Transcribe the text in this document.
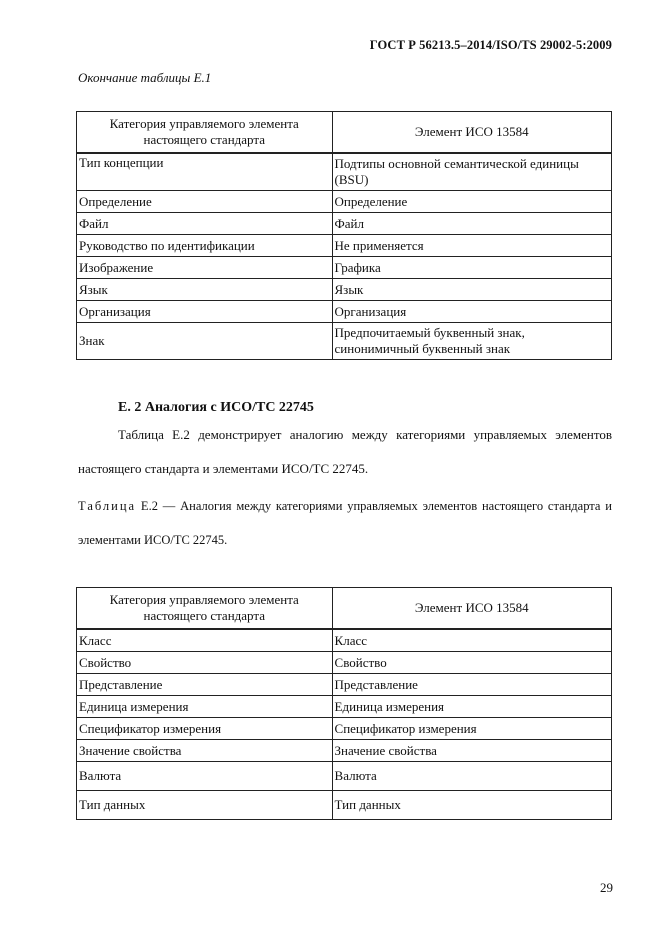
ГОСТ Р 56213.5–2014/ISO/TS 29002-5:2009
Окончание таблицы Е.1
Категория управляемого элемента настоящего стандарта	Элемент ИСО 13584
Тип концепции	Подтипы основной семантической единицы (BSU)
Определение	Определение
Файл	Файл
Руководство по идентификации	Не применяется
Изображение	Графика
Язык	Язык
Организация	Организация
Знак	Предпочитаемый буквенный знак, синонимичный буквенный знак
Е. 2 Аналогия с ИСО/ТС 22745
Таблица Е.2 демонстрирует аналогию между категориями управляемых элементов настоящего стандарта и элементами ИСО/ТС 22745.
Таблица Е.2 — Аналогия между категориями управляемых элементов настоящего стандарта и элементами ИСО/ТС 22745.
Категория управляемого элемента настоящего стандарта	Элемент ИСО 13584
Класс	Класс
Свойство	Свойство
Представление	Представление
Единица измерения	Единица измерения
Спецификатор измерения	Спецификатор измерения
Значение свойства	Значение свойства
Валюта	Валюта
Тип данных	Тип данных
29
